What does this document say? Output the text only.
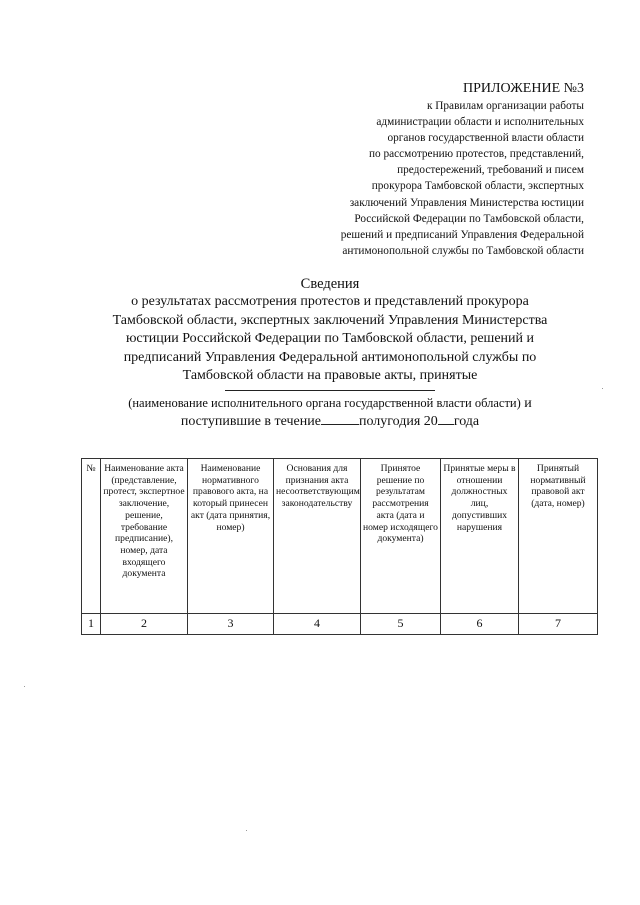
ПРИЛОЖЕНИЕ №3
к Правилам организации работы
администрации области и исполнительных
органов государственной власти области
по рассмотрению протестов, представлений,
предостережений, требований и писем
прокурора Тамбовской области, экспертных
заключений Управления Министерства юстиции
Российской Федерации по Тамбовской области,
решений и предписаний Управления Федеральной
антимонопольной службы по Тамбовской области
Сведения
о результатах рассмотрения протестов и представлений прокурора
Тамбовской области, экспертных заключений Управления Министерства
юстиции Российской Федерации по Тамбовской области, решений и
предписаний Управления Федеральной антимонопольной службы по
Тамбовской области на правовые акты, принятые
(наименование исполнительного органа государственной власти области) и
поступившие в течение	полугодия 20 года
№	Наименование акта (представление, протест, экспертное заключение, решение, требование предписание), номер, дата входящего документа	Наименование нормативного правового акта, на который принесен акт (дата принятия, номер)	Основания для признания акта несоответствующим законодательству	Принятое решение по результатам рассмотрения акта (дата и номер исходящего документа)	Принятые меры в отношении должностных лиц, допустивших нарушения	Принятый нормативный правовой акт (дата, номер)
1	2	3	4	5	6	7
